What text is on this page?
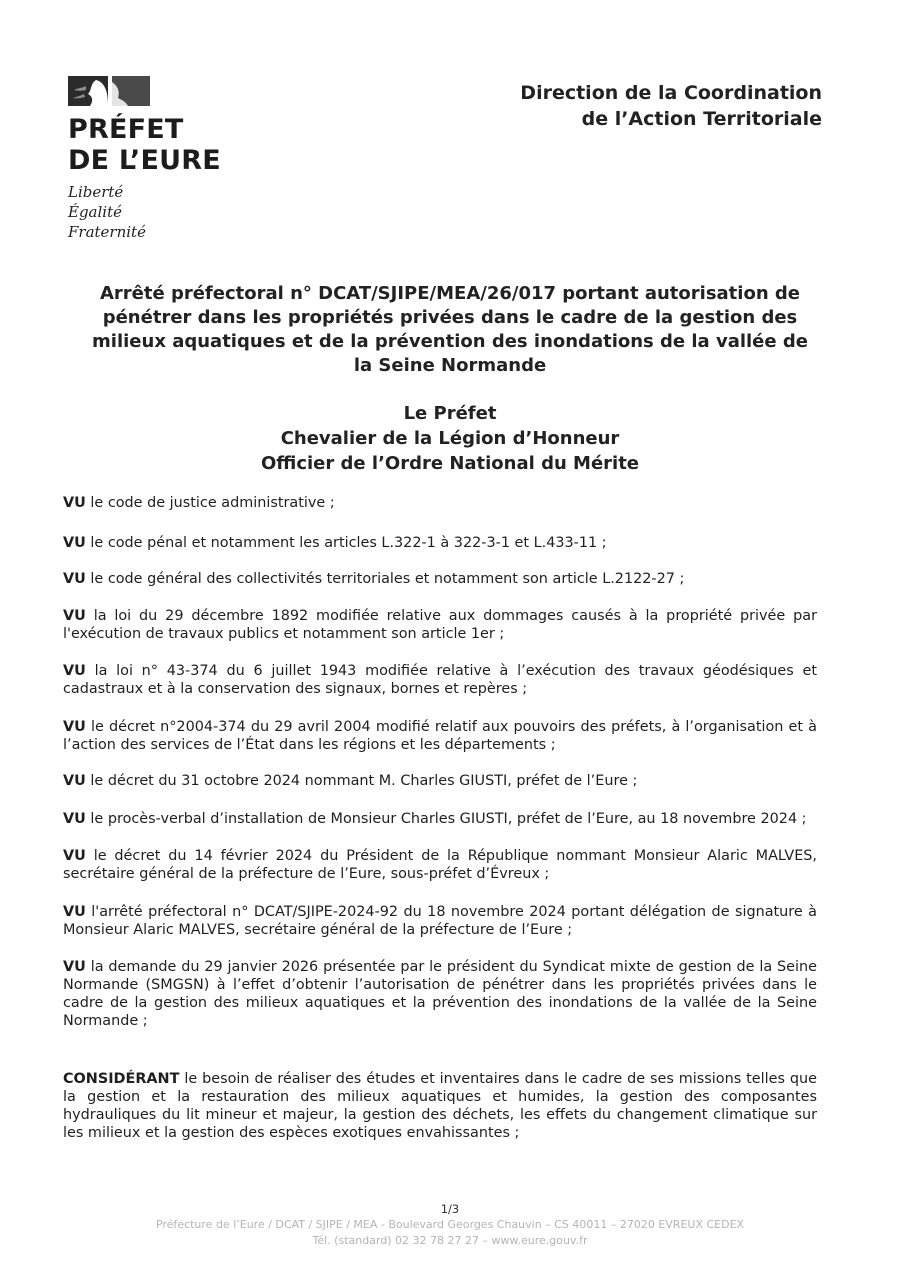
PRÉFET
DE L’EURE
Liberté
Égalité
Fraternité
Direction de la Coordination
de l’Action Territoriale
Arrêté préfectoral n° DCAT/SJIPE/MEA/26/017 portant autorisation de pénétrer dans les propriétés privées dans le cadre de la gestion des milieux aquatiques et de la prévention des inondations de la vallée de la Seine Normande
Le Préfet
Chevalier de la Légion d’Honneur
Officier de l’Ordre National du Mérite

VU le code de justice administrative ;

VU le code pénal et notamment les articles L.322-1 à 322-3-1 et L.433-11 ;

VU le code général des collectivités territoriales et notamment son article L.2122-27 ;

VU la loi du 29 décembre 1892 modifiée relative aux dommages causés à la propriété privée par l'exécution de travaux publics et notamment son article 1er ;

VU la loi n° 43-374 du 6 juillet 1943 modifiée relative à l’exécution des travaux géodésiques et cadastraux et à la conservation des signaux, bornes et repères ;

VU le décret n°2004-374 du 29 avril 2004 modifié relatif aux pouvoirs des préfets, à l’organisation et à l’action des services de l’État dans les régions et les départements ;

VU le décret du 31 octobre 2024 nommant M. Charles GIUSTI, préfet de l’Eure ;

VU le procès-verbal d’installation de Monsieur Charles GIUSTI, préfet de l’Eure, au 18 novembre 2024 ;

VU le décret du 14 février 2024 du Président de la République nommant Monsieur Alaric MALVES, secrétaire général de la préfecture de l’Eure, sous-préfet d’Évreux ;

VU l'arrêté préfectoral n° DCAT/SJIPE-2024-92 du 18 novembre 2024 portant délégation de signature à Monsieur Alaric MALVES, secrétaire général de la préfecture de l’Eure ;

VU la demande du 29 janvier 2026 présentée par le président du Syndicat mixte de gestion de la Seine Normande (SMGSN) à l’effet d’obtenir l’autorisation de pénétrer dans les propriétés privées dans le cadre de la gestion des milieux aquatiques et la prévention des inondations de la vallée de la Seine Normande ;

CONSIDÉRANT le besoin de réaliser des études et inventaires dans le cadre de ses missions telles que la gestion et la restauration des milieux aquatiques et humides, la gestion des composantes hydrauliques du lit mineur et majeur, la gestion des déchets, les effets du changement climatique sur les milieux et la gestion des espèces exotiques envahissantes ;

1/3
Préfecture de l’Eure / DCAT / SJIPE / MEA - Boulevard Georges Chauvin – CS 40011 – 27020 EVREUX CEDEX
Tél. (standard) 02 32 78 27 27 – www.eure.gouv.fr
